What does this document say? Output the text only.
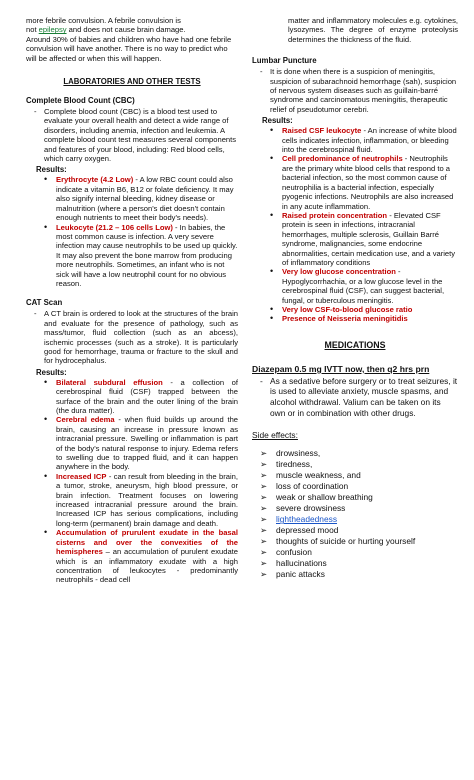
more febrile convulsion. A febrile convulsion is

not epilepsy and does not cause brain damage.

Around 30% of babies and children who have had one febrile convulsion will have another. There is no way to predict who will be affected or when this will happen.

LABORATORIES AND OTHER TESTS
Complete Blood Count (CBC)
- Complete blood count (CBC) is a blood test used to evaluate your overall health and detect a wide range of disorders, including anemia, infection and leukemia. A complete blood count test measures several components and features of your blood, including: Red blood cells, which carry oxygen.
Results:
• Erythrocyte (4.2 Low) - A low RBC count could also indicate a vitamin B6, B12 or folate deficiency. It may also signify internal bleeding, kidney disease or malnutrition (where a person's diet doesn't contain enough nutrients to meet their body's needs).
• Leukocyte (21.2 – 106 cells Low) - In babies, the most common cause is infection. A very severe infection may cause neutrophils to be used up quickly. It may also prevent the bone marrow from producing more neutrophils. Sometimes, an infant who is not sick will have a low neutrophil count for no obvious reason.
CAT Scan
- A CT brain is ordered to look at the structures of the brain and evaluate for the presence of pathology, such as mass/tumor, fluid collection (such as an abcess), ischemic processes (such as a stroke). It is particularly good for hemorrhage, trauma or fracture to the skull and for hydrocephalus.
Results:
• Bilateral subdural effusion - a collection of cerebrospinal fluid (CSF) trapped between the surface of the brain and the outer lining of the brain (the dura matter).
• Cerebral edema - when fluid builds up around the brain, causing an increase in pressure known as intracranial pressure. Swelling or inflammation is part of the body's natural response to injury. Edema refers to swelling due to trapped fluid, and it can happen anywhere in the body.
• Increased ICP - can result from bleeding in the brain, a tumor, stroke, aneurysm, high blood pressure, or brain infection. Treatment focuses on lowering increased intracranial pressure around the brain. Increased ICP has serious complications, including long-term (permanent) brain damage and death.
• Accumulation of prurulent exudate in the basal cisterns and over the convexities of the hemispheres – an accumulation of purulent exudate which is an inflammatory exudate with a high concentration of leukocytes - predominantly neutrophils - dead cell

matter and inflammatory molecules e.g. cytokines, lysozymes. The degree of enzyme proteolysis determines the thickness of the fluid.

Lumbar Puncture
- It is done when there is a suspicion of meningitis, suspicion of subarachnoid hemorrhage (sah), suspicion of nervous system diseases such as guillain-barré syndrome and carcinomatous meningitis, therapeutic relief of pseudotumor cerebri.
Results:
• Raised CSF leukocyte - An increase of white blood cells indicates infection, inflammation, or bleeding into the cerebrospinal fluid.
• Cell predominance of neutrophils - Neutrophils are the primary white blood cells that respond to a bacterial infection, so the most common cause of neutrophilia is a bacterial infection, especially pyogenic infections. Neutrophils are also increased in any acute inflammation.
• Raised protein concentration - Elevated CSF protein is seen in infections, intracranial hemorrhages, multiple sclerosis, Guillain Barré syndrome, malignancies, some endocrine abnormalities, certain medication use, and a variety of inflammatory conditions
• Very low glucose concentration - Hypoglycorrhachia, or a low glucose level in the cerebrospinal fluid (CSF), can suggest bacterial, fungal, or tuberculous meningitis.
• Very low CSF-to-blood glucose ratio
• Presence of Neisseria meningitidis
MEDICATIONS
Diazepam 0.5 mg IVTT now, then q2 hrs prn
- As a sedative before surgery or to treat seizures, it is used to alleviate anxiety, muscle spasms, and alcohol withdrawal. Valium can be taken on its own or in combination with other drugs.
Side effects:
➢	drowsiness,
➢	tiredness,
➢	muscle weakness, and
➢	loss of coordination
➢	weak or shallow breathing
➢	severe drowsiness
➢	lightheadedness
➢	depressed mood
➢	thoughts of suicide or hurting yourself
➢	confusion
➢	hallucinations
➢	panic attacks
